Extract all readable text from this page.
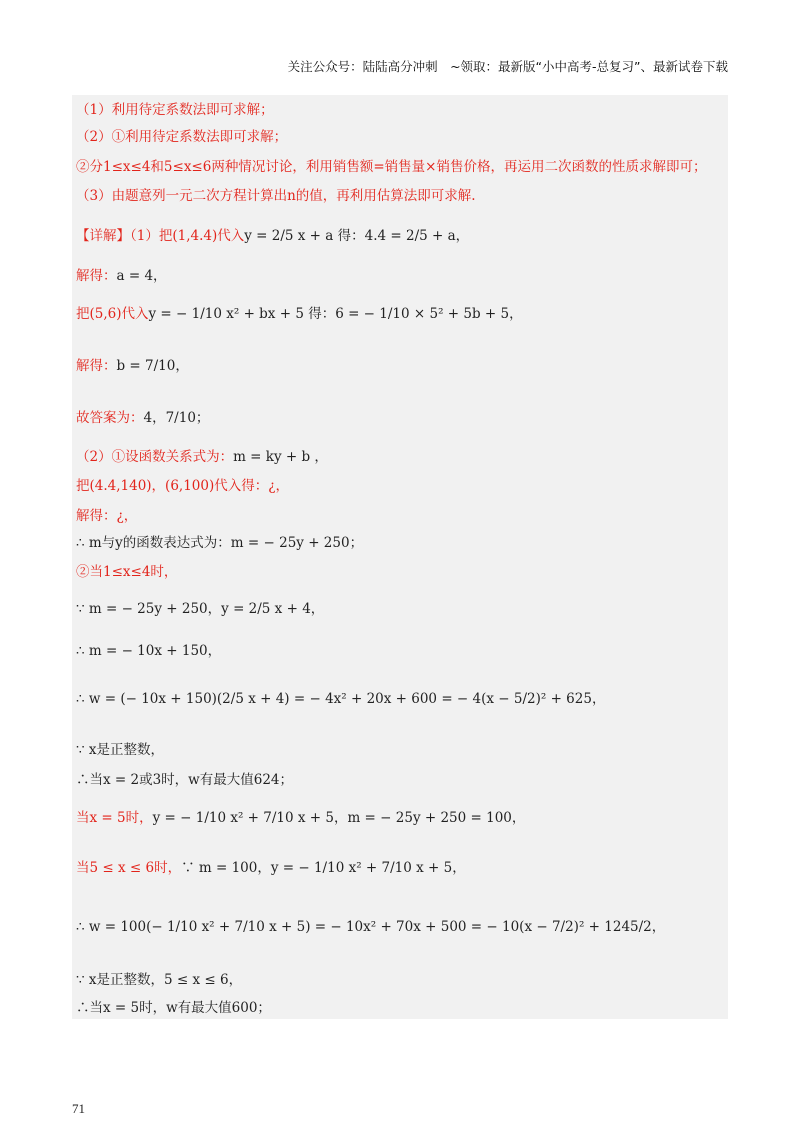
关注公众号：陆陆高分冲刺　~领取：最新版“小中高考-总复习”、最新试卷下载
（1）利用待定系数法即可求解；
（2）①利用待定系数法即可求解；
②分1≤x≤4和5≤x≤6两种情况讨论，利用销售额=销售量×销售价格，再运用二次函数的性质求解即可；
（3）由题意列一元二次方程计算出n的值，再利用估算法即可求解.
【详解】（1）把(1,4.4)代入y = 2/5 x + a 得：4.4 = 2/5 + a，
解得：a = 4，
把(5,6)代入y = − 1/10 x² + bx + 5 得：6 = − 1/10 × 5² + 5b + 5，
解得：b = 7/10，
故答案为：4，7/10；
（2）①设函数关系式为：m = ky + b ，
把(4.4,140)，(6,100)代入得：¿，
解得：¿，
∴ m与y的函数表达式为：m = − 25y + 250；
②当1≤x≤4时，
∵ m = − 25y + 250，y = 2/5 x + 4，
∴ m = − 10x + 150，
∴ w = (− 10x + 150)(2/5 x + 4) = − 4x² + 20x + 600 = − 4(x − 5/2)² + 625，
∵ x是正整数，
∴当x = 2或3时，w有最大值624；
当x = 5时，y = − 1/10 x² + 7/10 x + 5，m = − 25y + 250 = 100，
当5 ≤ x ≤ 6时，∵ m = 100，y = − 1/10 x² + 7/10 x + 5，
∴ w = 100(− 1/10 x² + 7/10 x + 5) = − 10x² + 70x + 500 = − 10(x − 7/2)² + 1245/2，
∵ x是正整数，5 ≤ x ≤ 6，
∴当x = 5时，w有最大值600；
71
